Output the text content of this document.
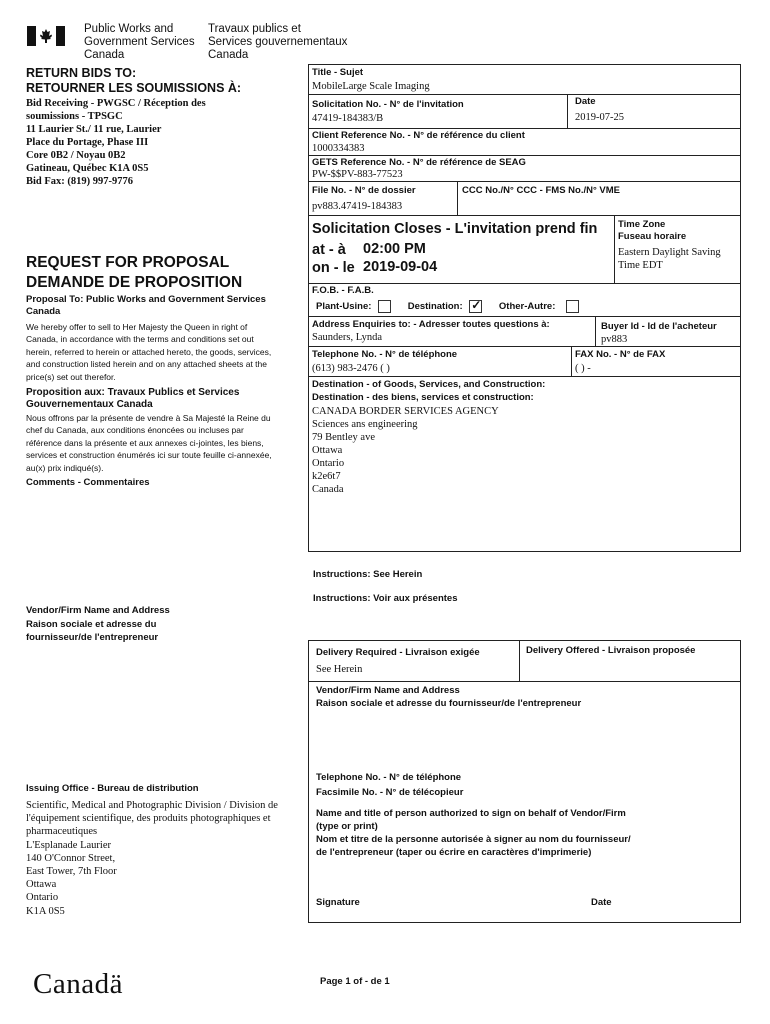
Public Works and
Government Services
Canada
Travaux publics et
Services gouvernementaux
Canada
RETURN BIDS TO:
RETOURNER LES SOUMISSIONS À:
Bid Receiving - PWGSC / Réception des
soumissions - TPSGC
11 Laurier St./ 11 rue, Laurier
Place du Portage, Phase III
Core 0B2 / Noyau 0B2
Gatineau, Québec K1A 0S5
Bid Fax: (819) 997-9776
REQUEST FOR PROPOSAL
DEMANDE DE PROPOSITION
Proposal To: Public Works and Government Services Canada
We hereby offer to sell to Her Majesty the Queen in right of Canada, in accordance with the terms and conditions set out herein, referred to herein or attached hereto, the goods, services, and construction listed herein and on any attached sheets at the price(s) set out therefor.
Proposition aux: Travaux Publics et Services Gouvernementaux Canada
Nous offrons par la présente de vendre à Sa Majesté la Reine du chef du Canada, aux conditions énoncées ou incluses par référence dans la présente et aux annexes ci-jointes, les biens, services et construction énumérés ici sur toute feuille ci-annexée, au(x) prix indiqué(s).
Comments - Commentaires
Vendor/Firm Name and Address
Raison sociale et adresse du
fournisseur/de l'entrepreneur
Issuing Office - Bureau de distribution
Scientific, Medical and Photographic Division / Division de l'équipement scientifique, des produits photographiques et pharmaceutiques
L'Esplanade Laurier
140 O'Connor Street,
East Tower, 7th Floor
Ottawa
Ontario
K1A 0S5
Title - Sujet
MobileLarge Scale Imaging
Solicitation No. - N° de l'invitation
47419-184383/B
Date
2019-07-25
Client Reference No. - N° de référence du client
1000334383
GETS Reference No. - N° de référence de SEAG
PW-$$PV-883-77523
File No. - N° de dossier
pv883.47419-184383
CCC No./N° CCC - FMS No./N° VME
Solicitation Closes - L'invitation prend fin
at - à 02:00 PM
on - le 2019-09-04
Time Zone
Fuseau horaire
Eastern Daylight Saving Time EDT
F.O.B. - F.A.B.
Plant-Usine:	Destination: ✓ Other-Autre:
Address Enquiries to: - Adresser toutes questions à:
Saunders, Lynda
Buyer Id - Id de l'acheteur
pv883
Telephone No. - N° de téléphone
(613) 983-2476 ( )
FAX No. - N° de FAX
( ) -
Destination - of Goods, Services, and Construction:
Destination - des biens, services et construction:
CANADA BORDER SERVICES AGENCY
Sciences ans engineering
79 Bentley ave
Ottawa
Ontario
k2e6t7
Canada
Instructions: See Herein
Instructions: Voir aux présentes
Delivery Required - Livraison exigée
See Herein
Delivery Offered - Livraison proposée
Vendor/Firm Name and Address
Raison sociale et adresse du fournisseur/de l'entrepreneur
Telephone No. - N° de téléphone
Facsimile No. - N° de télécopieur
Name and title of person authorized to sign on behalf of Vendor/Firm
(type or print)
Nom et titre de la personne autorisée à signer au nom du fournisseur/
de l'entrepreneur (taper ou écrire en caractères d'imprimerie)
Signature	Date
Canadä	Page 1 of - de 1
